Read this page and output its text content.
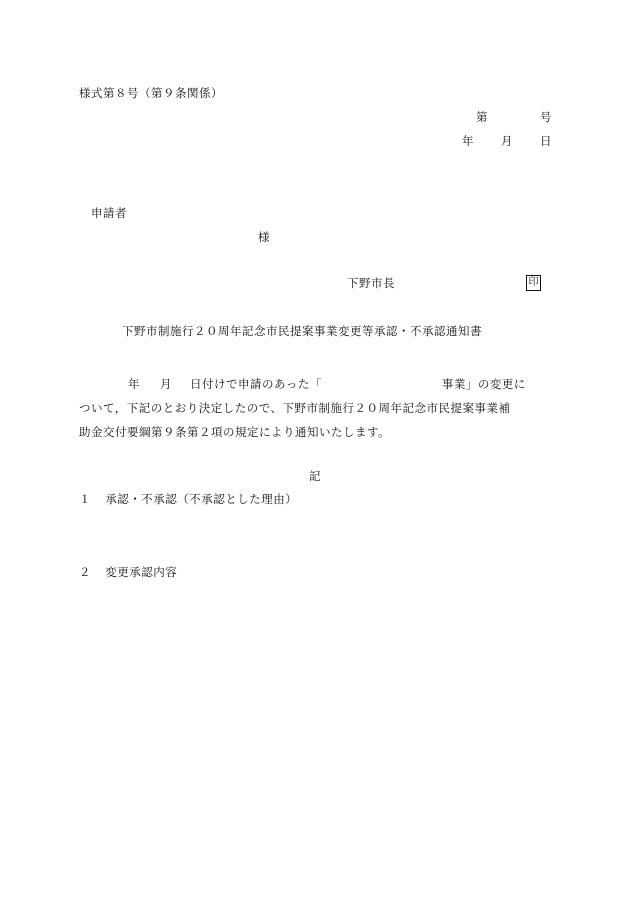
様式第８号（第９条関係）
第	号
年 月 日
申請者
様
下野市長	印
下野市制施行２０周年記念市民提案事業変更等承認・不承認通知書
年 月 日付けで申請のあった「	事業」の変更に
ついて，下記のとおり決定したので、下野市制施行２０周年記念市民提案事業補
助金交付要綱第９条第２項の規定により通知いたします。
記
１ 承認・不承認（不承認とした理由）
２ 変更承認内容
